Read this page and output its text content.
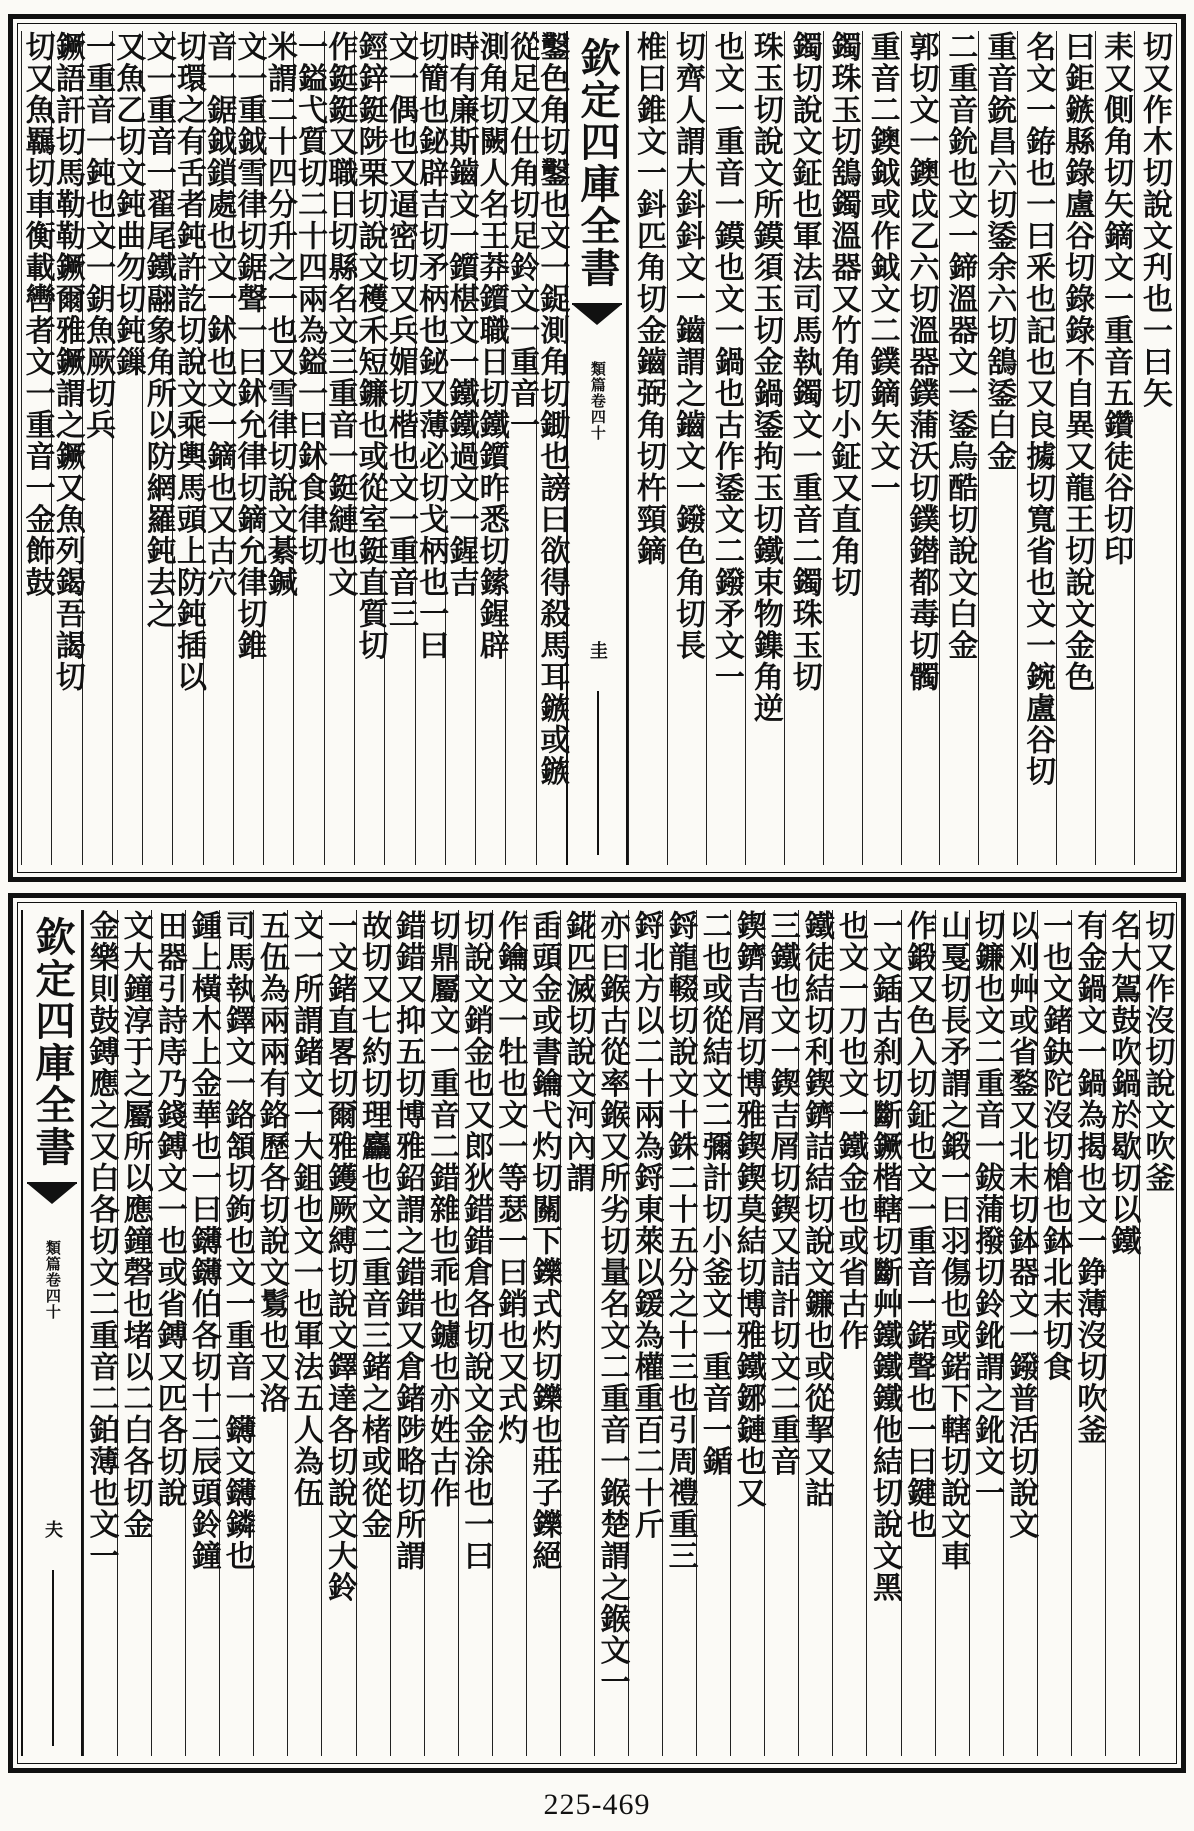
切又作木切說文刋也一曰矢
耒又側角切矢鏑文一重音五鑽徒谷切印
曰鉅鏃縣錄盧谷切錄錄不自異又龍王切說文金色
名文一銌也一曰釆也記也又良㩀切寬省也文一鋺盧谷切
重音銃昌六切鋈余六切鵨鋈白金
二重音鈗也文一鍗溫器文一鋈烏酷切說文白金
郭切文一鐭戉乙六切溫器鏷蒲沃切鏷鐟都毒切髑
重音二鐭鉞或作鉞文二鏷鏑矢文一
鐲珠玉切鵨鐲溫器又竹角切小鉦又直角切
鐲切說文鉦也軍法司馬執鐲文一重音二鐲珠玉切
珠玉切說文所鏌須玉切金鍋鋈拘玉切鐵束物鏶角逆
也文一重音一鏌也文一鍋也古作鋈文二鏺矛文一
切齊人謂大鈄鈄文一鑡謂之鑡文一鏺色角切長
椎曰錐文一鈄匹角切金鑡弼角切杵頸鏑
欽定四庫全書
類篇卷四十
圭
鑿色角切鑿也文一鋜測角切鋤也謗曰欲得殺馬耳鏃或鏃
從足又仕角切足鈴文一重音一
測角切闕人名王莽鑕職日切鐵鑕昨悉切鎍鍟辟
時有廉斯鑡文一鑕椹文一鐵鐵過文一鍟吉
切簡也鉍辟吉切矛柄也鉍又薄必切戈柄也一曰
文一偶也又逼密切又兵媚切楷也文一重音三
鋞鋅鋌陟栗切說文穫禾短鐮也或從室鋌直質切
作鋌鋌又職日切縣名文三重音一鋌縺也文
一鎰弋質切二十四兩為鎰一曰鉥食律切
米謂二十四分升之一也又雪律切說文綦鍼
文一重鉞雪律切鋸聲一曰鉥允律切鏑允律切錐
音一鋸鉞鎖處也文一鉥也文一鏑也又古穴
切環之有舌者鈍許訖切說文乘輿馬頭上防鈍插以
文一重音一翟尾鐵翮象角所以防網羅鈍去之
又魚乙切文鈍曲勿切鈍鏁
一重音一鈍也文一鈅魚厥切兵
鐝語訐切馬勒勒鐝爾雅鐝謂之鐝又魚列鍻吾謁切
切又魚羈切車衡載轡者文一重音一金飾鼓
切又作沒切說文吹釜
名大鴐鼓吹鍋於歇切以鐵
有金鍋文一鍋為揭也文一錚薄沒切吹釜
一也文鍺鈌陀沒切槍也鉢北末切食
以刈艸或省鍪又北末切鉢器文一鏺普活切說文
切鐮也文二重音一鈸蒲撥切鈴鈋謂之鈋文一
山戛切長矛謂之鍛一曰羽傷也或鍩下轄切說文車
作鍛又色入切鉦也文一重音一鍩聲也一曰鍵也
一文鍤古刹切斷鐝楷轄切斷艸鐵鐵鐵他結切說文黑
也文一刀也文一鐵金也或省古作
鐵徒結切利鍥鑇詰結切說文鐮也或從挈又詁
三鐵也文一鍥吉屑切鍥又詰計切文二重音
鍥鑇吉屑切博雅鍥鍥莫結切博雅鐵鋣鏈也又
二也或從結文二彌計切小釜文一重音一鍎
鋝龍輟切說文十銖二十五分之十三也引周禮重三
鋝北方以二十兩為鋝東萊以鍰為權重百二十斤
亦曰鍭古從率鍭又所劣切量名文二重音一鍭楚謂之鍭文一
錵匹滅切說文河內謂
臿頭金或書鑰弋灼切關下鑠式灼切鑠也莊子鑠絕
作鑰文一牡也文一等瑟一曰銷也又式灼
切說文銷金也又郎狄錯錯倉各切說文金涂也一曰
切鼎屬文一重音二錯雜也乖也鑢也亦姓古作
錯錯又抑五切博雅鉊謂之錯錯又倉鍺陟略切所謂
故切又七約切理麤也文二重音三鍺之楮或從金
一文鍺直畧切爾雅鑊厥縛切說文鐸達各切說文大鈴
文一所謂鍺文一大鉏也文一也軍法五人為伍
五伍為兩兩有鉻歷各切說文鬄也又洛
司馬執鐸文一鉻頷切鉤也文一重音一鑮文鑮鏻也
鍾上橫木上金華也一曰鑮鑮伯各切十二辰頭鈴鐘
田器引詩庤乃錢鎛文一也或省鎛又匹各切說
文大鐘淳于之屬所以應鐘磬也堵以二白各切金
金樂則鼓鎛應之又白各切文二重音二鉑薄也文一
欽定四庫全書
類篇卷四十
夫
225-469
